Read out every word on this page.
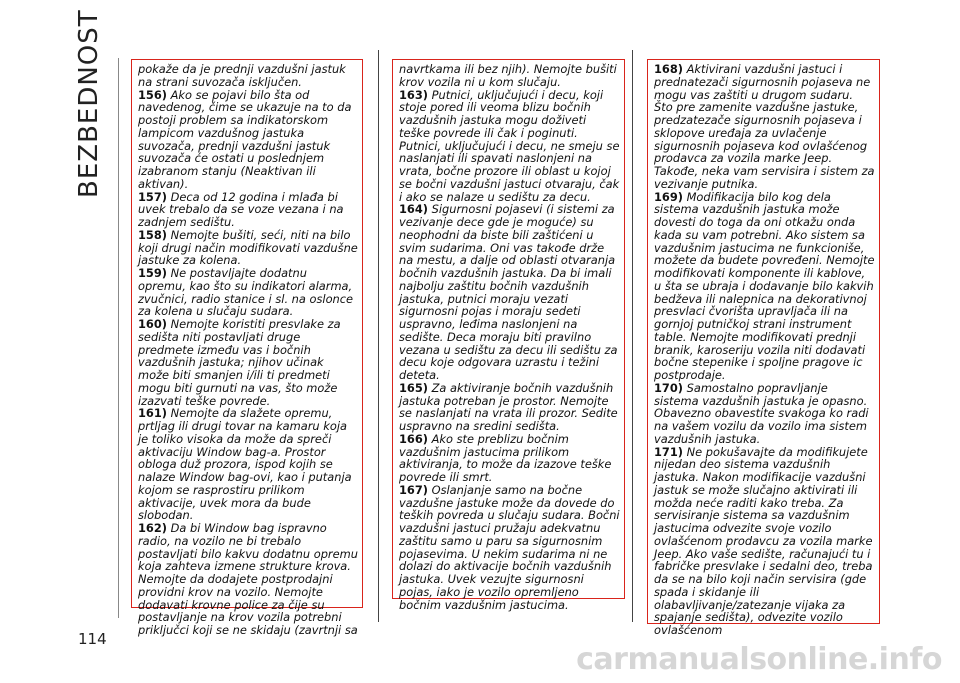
BEZBEDNOST	pokaže da je prednji vazdušni jastuk na strani suvozača isključen.

156) Ako se pojavi bilo šta od navedenog, čime se ukazuje na to da postoji problem sa indikatorskom lampicom vazdušnog jastuka suvozača, prednji vazdušni jastuk suvozača će ostati u poslednjem izabranom stanju (Neaktivan ili aktivan).

157) Deca od 12 godina i mlađa bi uvek trebalo da se voze vezana i na zadnjem sedištu.

158) Nemojte bušiti, seći, niti na bilo koji drugi način modifikovati vazdušne jastuke za kolena.

159) Ne postavljajte dodatnu opremu, kao što su indikatori alarma, zvučnici, radio stanice i sl. na oslonce za kolena u slučaju sudara.

160) Nemojte koristiti presvlake za sedišta niti postavljati druge predmete između vas i bočnih vazdušnih jastuka; njihov učinak može biti smanjen i/ili ti predmeti mogu biti gurnuti na vas, što može izazvati teške povrede.

161) Nemojte da slažete opremu, prtljag ili drugi tovar na kamaru koja je toliko visoka da može da spreči aktivaciju Window bag-a. Prostor obloga duž prozora, ispod kojih se nalaze Window bag-ovi, kao i putanja kojom se rasprostiru prilikom aktivacije, uvek mora da bude slobodan.

162) Da bi Window bag ispravno radio, na vozilo ne bi trebalo postavljati bilo kakvu dodatnu opremu koja zahteva izmene strukture krova. Nemojte da dodajete postprodajni providni krov na vozilo. Nemojte dodavati krovne police za čije su postavljanje na krov vozila potrebni priključci koji se ne skidaju (zavrtnji sa

navrtkama ili bez njih). Nemojte bušiti krov vozila ni u kom slučaju.

163) Putnici, uključujući i decu, koji stoje pored ili veoma blizu bočnih vazdušnih jastuka mogu doživeti teške povrede ili čak i poginuti. Putnici, uključujući i decu, ne smeju se naslanjati ili spavati naslonjeni na vrata, bočne prozore ili oblast u kojoj se bočni vazdušni jastuci otvaraju, čak i ako se nalaze u sedištu za decu.

164) Sigurnosni pojasevi (i sistemi za vezivanje dece gde je moguće) su neophodni da biste bili zaštićeni u svim sudarima. Oni vas takođe drže na mestu, a dalje od oblasti otvaranja bočnih vazdušnih jastuka. Da bi imali najbolju zaštitu bočnih vazdušnih jastuka, putnici moraju vezati sigurnosni pojas i moraju sedeti uspravno, leđima naslonjeni na sedište. Deca moraju biti pravilno vezana u sedištu za decu ili sedištu za decu koje odgovara uzrastu i težini deteta.

165) Za aktiviranje bočnih vazdušnih jastuka potreban je prostor. Nemojte se naslanjati na vrata ili prozor. Sedite uspravno na sredini sedišta.

166) Ako ste preblizu bočnim vazdušnim jastucima prilikom aktiviranja, to može da izazove teške povrede ili smrt.

167) Oslanjanje samo na bočne vazdušne jastuke može da dovede do teških povreda u slučaju sudara. Bočni vazdušni jastuci pružaju adekvatnu zaštitu samo u paru sa sigurnosnim pojasevima. U nekim sudarima ni ne dolazi do aktivacije bočnih vazdušnih jastuka. Uvek vezujte sigurnosni pojas, iako je vozilo opremljeno bočnim vazdušnim jastucima.

168) Aktivirani vazdušni jastuci i prednatezači sigurnosnih pojaseva ne mogu vas zaštiti u drugom sudaru. Što pre zamenite vazdušne jastuke, predzatezače sigurnosnih pojaseva i sklopove uređaja za uvlačenje sigurnosnih pojaseva kod ovlašćenog prodavca za vozila marke Jeep. Takođe, neka vam servisira i sistem za vezivanje putnika.

169) Modifikacija bilo kog dela sistema vazdušnih jastuka može dovesti do toga da oni otkažu onda kada su vam potrebni. Ako sistem sa vazdušnim jastucima ne funkcioniše, možete da budete povređeni. Nemojte modifikovati komponente ili kablove, u šta se ubraja i dodavanje bilo kakvih bedževa ili nalepnica na dekorativnoj presvlaci čvorišta upravljača ili na gornjoj putničkoj strani instrument table. Nemojte modifikovati prednji branik, karoseriju vozila niti dodavati bočne stepenike i spoljne pragove ic postprodaje.

170) Samostalno popravljanje sistema vazdušnih jastuka je opasno. Obavezno obavestite svakoga ko radi na vašem vozilu da vozilo ima sistem vazdušnih jastuka.

171) Ne pokušavajte da modifikujete nijedan deo sistema vazdušnih jastuka. Nakon modifikacije vazdušni jastuk se može slučajno aktivirati ili možda neće raditi kako treba. Za servisiranje sistema sa vazdušnim jastucima odvezite svoje vozilo ovlašćenom prodavcu za vozila marke Jeep. Ako vaše sedište, računajući tu i fabričke presvlake i sedalni deo, treba da se na bilo koji način servisira (gde spada i skidanje ili olabavljivanje/zatezanje vijaka za spajanje sedišta), odvezite vozilo ovlašćenom

114
carmanualsonline.info
